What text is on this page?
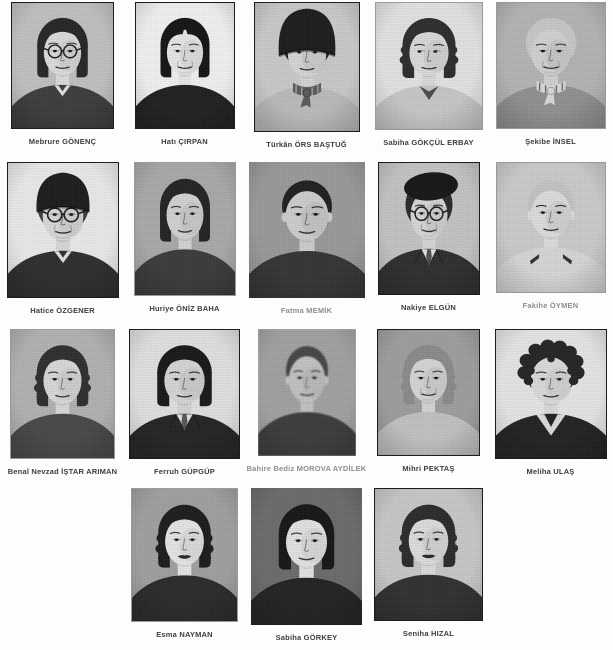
Mebrure GÖNENÇ	Hatı ÇIRPAN	Türkân ÖRS BAŞTUĞ	Sabiha GÖKÇÜL ERBAY	Şekibe İNSEL
Hatice ÖZGENER	Huriye ÖNİZ BAHA	Fatma MEMİK	Nakiye ELGÜN	Fakihe ÖYMEN
Benal Nevzad İŞTAR ARIMAN	Ferruh GÜPGÜP	Bahire Bediz MOROVA AYDİLEK	Mihri PEKTAŞ	Meliha ULAŞ
Esma NAYMAN	Sabiha GÖRKEY	Seniha HIZAL
